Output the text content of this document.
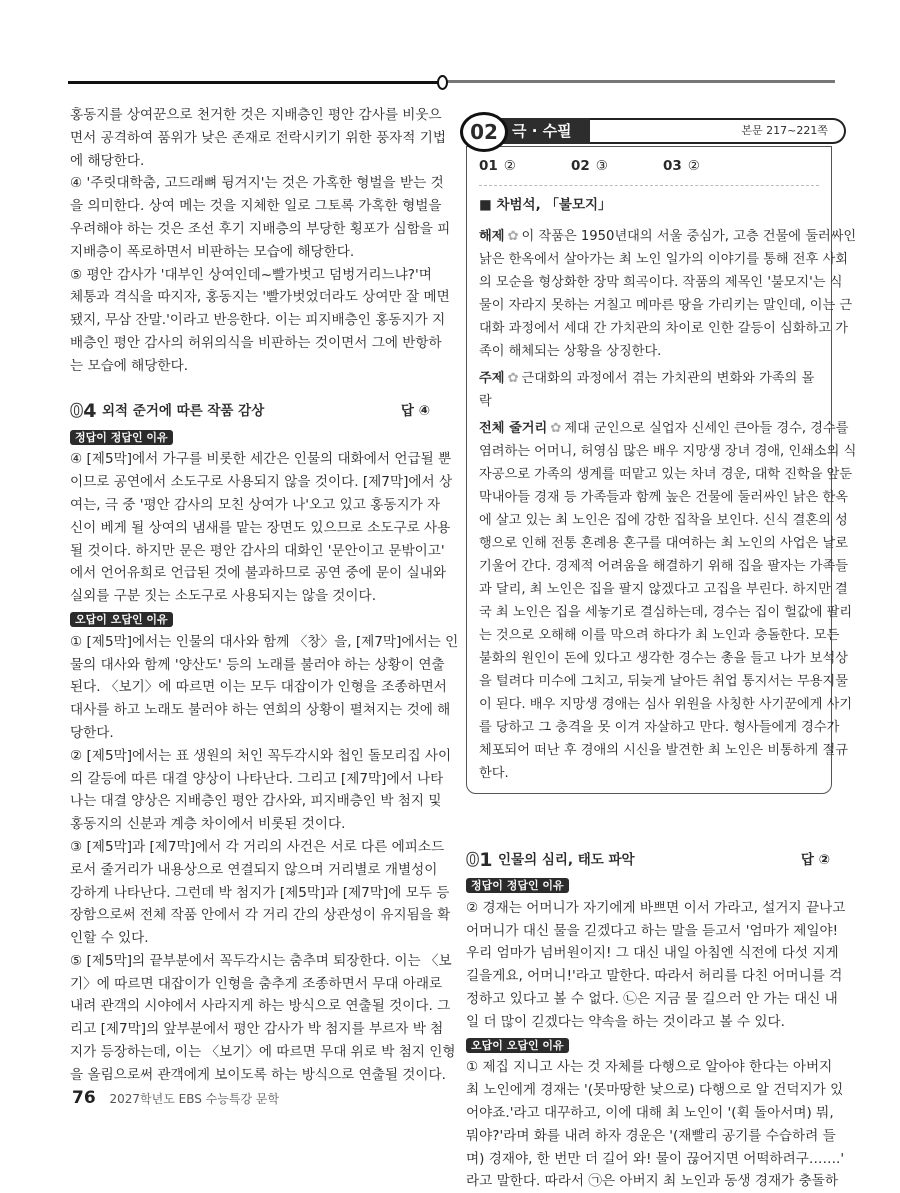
홍동지를 상여꾼으로 천거한 것은 지배층인 평안 감사를 비웃으
면서 공격하여 품위가 낮은 존재로 전락시키기 위한 풍자적 기법
에 해당한다.
④ '주릿대학춤, 고드래뼈 뒹겨지'는 것은 가혹한 형벌을 받는 것
을 의미한다. 상여 메는 것을 지체한 일로 그토록 가혹한 형벌을
우려해야 하는 것은 조선 후기 지배층의 부당한 횡포가 심함을 피
지배층이 폭로하면서 비판하는 모습에 해당한다.
⑤ 평안 감사가 '대부인 상여인데~빨가벗고 덤벙거리느냐?'며
체통과 격식을 따지자, 홍동지는 '빨가벗었더라도 상여만 잘 메면
됐지, 무삼 잔말.'이라고 반응한다. 이는 피지배층인 홍동지가 지
배층인 평안 감사의 허위의식을 비판하는 것이면서 그에 반항하
는 모습에 해당한다.
04 외적 준거에 따른 작품 감상	답 ④
정답이 정답인 이유
④ [제5막]에서 가구를 비롯한 세간은 인물의 대화에서 언급될 뿐
이므로 공연에서 소도구로 사용되지 않을 것이다. [제7막]에서 상
여는, 극 중 '평안 감사의 모친 상여가 나'오고 있고 홍동지가 자
신이 베게 될 상여의 냄새를 맡는 장면도 있으므로 소도구로 사용
될 것이다. 하지만 문은 평안 감사의 대화인 '문안이고 문밖이고'
에서 언어유희로 언급된 것에 불과하므로 공연 중에 문이 실내와
실외를 구분 짓는 소도구로 사용되지는 않을 것이다.
오답이 오답인 이유
① [제5막]에서는 인물의 대사와 함께 〈창〉을, [제7막]에서는 인
물의 대사와 함께 '양산도' 등의 노래를 불러야 하는 상황이 연출
된다. 〈보기〉에 따르면 이는 모두 대잡이가 인형을 조종하면서
대사를 하고 노래도 불러야 하는 연희의 상황이 펼쳐지는 것에 해
당한다.
② [제5막]에서는 표 생원의 처인 꼭두각시와 첩인 돌모리집 사이
의 갈등에 따른 대결 양상이 나타난다. 그리고 [제7막]에서 나타
나는 대결 양상은 지배층인 평안 감사와, 피지배층인 박 첨지 및
홍동지의 신분과 계층 차이에서 비롯된 것이다.
③ [제5막]과 [제7막]에서 각 거리의 사건은 서로 다른 에피소드
로서 줄거리가 내용상으로 연결되지 않으며 거리별로 개별성이
강하게 나타난다. 그런데 박 첨지가 [제5막]과 [제7막]에 모두 등
장함으로써 전체 작품 안에서 각 거리 간의 상관성이 유지됨을 확
인할 수 있다.
⑤ [제5막]의 끝부분에서 꼭두각시는 춤추며 퇴장한다. 이는 〈보
기〉에 따르면 대잡이가 인형을 춤추게 조종하면서 무대 아래로
내려 관객의 시야에서 사라지게 하는 방식으로 연출될 것이다. 그
리고 [제7막]의 앞부분에서 평안 감사가 박 첨지를 부르자 박 첨
지가 등장하는데, 이는 〈보기〉에 따르면 무대 위로 박 첨지 인형
을 올림으로써 관객에게 보이도록 하는 방식으로 연출될 것이다.
02 극 · 수필	본문 217~221쪽
01 ②	02 ③	03 ②
■ 차범석, 「불모지」
해제 ✿ 이 작품은 1950년대의 서울 중심가, 고층 건물에 둘러싸인
낡은 한옥에서 살아가는 최 노인 일가의 이야기를 통해 전후 사회
의 모순을 형상화한 장막 희곡이다. 작품의 제목인 '불모지'는 식
물이 자라지 못하는 거칠고 메마른 땅을 가리키는 말인데, 이는 근
대화 과정에서 세대 간 가치관의 차이로 인한 갈등이 심화하고 가
족이 해체되는 상황을 상징한다.
주제 ✿ 근대화의 과정에서 겪는 가치관의 변화와 가족의 몰락
전체 줄거리 ✿ 제대 군인으로 실업자 신세인 큰아들 경수, 경수를
염려하는 어머니, 허영심 많은 배우 지망생 장녀 경애, 인쇄소의 식
자공으로 가족의 생계를 떠맡고 있는 차녀 경운, 대학 진학을 앞둔
막내아들 경재 등 가족들과 함께 높은 건물에 둘러싸인 낡은 한옥
에 살고 있는 최 노인은 집에 강한 집착을 보인다. 신식 결혼의 성
행으로 인해 전통 혼례용 혼구를 대여하는 최 노인의 사업은 날로
기울어 간다. 경제적 어려움을 해결하기 위해 집을 팔자는 가족들
과 달리, 최 노인은 집을 팔지 않겠다고 고집을 부린다. 하지만 결
국 최 노인은 집을 세놓기로 결심하는데, 경수는 집이 헐값에 팔리
는 것으로 오해해 이를 막으려 하다가 최 노인과 충돌한다. 모든
불화의 원인이 돈에 있다고 생각한 경수는 총을 들고 나가 보석상
을 털려다 미수에 그치고, 뒤늦게 날아든 취업 통지서는 무용지물
이 된다. 배우 지망생 경애는 심사 위원을 사칭한 사기꾼에게 사기
를 당하고 그 충격을 못 이겨 자살하고 만다. 형사들에게 경수가
체포되어 떠난 후 경애의 시신을 발견한 최 노인은 비통하게 절규
한다.
01 인물의 심리, 태도 파악	답 ②
정답이 정답인 이유
② 경재는 어머니가 자기에게 바쁘면 이서 가라고, 설거지 끝나고
어머니가 대신 물을 긷겠다고 하는 말을 듣고서 '엄마가 제일야!
우리 엄마가 넘버원이지! 그 대신 내일 아침엔 식전에 다섯 지게
길을게요, 어머니!'라고 말한다. 따라서 허리를 다친 어머니를 걱
정하고 있다고 볼 수 없다. ㉡은 지금 물 길으러 안 가는 대신 내
일 더 많이 긷겠다는 약속을 하는 것이라고 볼 수 있다.
오답이 오답인 이유
① 제집 지니고 사는 것 자체를 다행으로 알아야 한다는 아버지
최 노인에게 경재는 '(못마땅한 낯으로) 다행으로 알 건덕지가 있
어야죠.'라고 대꾸하고, 이에 대해 최 노인이 '(휙 돌아서며) 뭐,
뭐야?'라며 화를 내려 하자 경운은 '(재빨리 공기를 수습하려 들
며) 경재야, 한 번만 더 길어 와! 물이 끊어지면 어떡하려구…….'
라고 말한다. 따라서 ㉠은 아버지 최 노인과 동생 경재가 충돌하
76 2027학년도 EBS 수능특강 문학
